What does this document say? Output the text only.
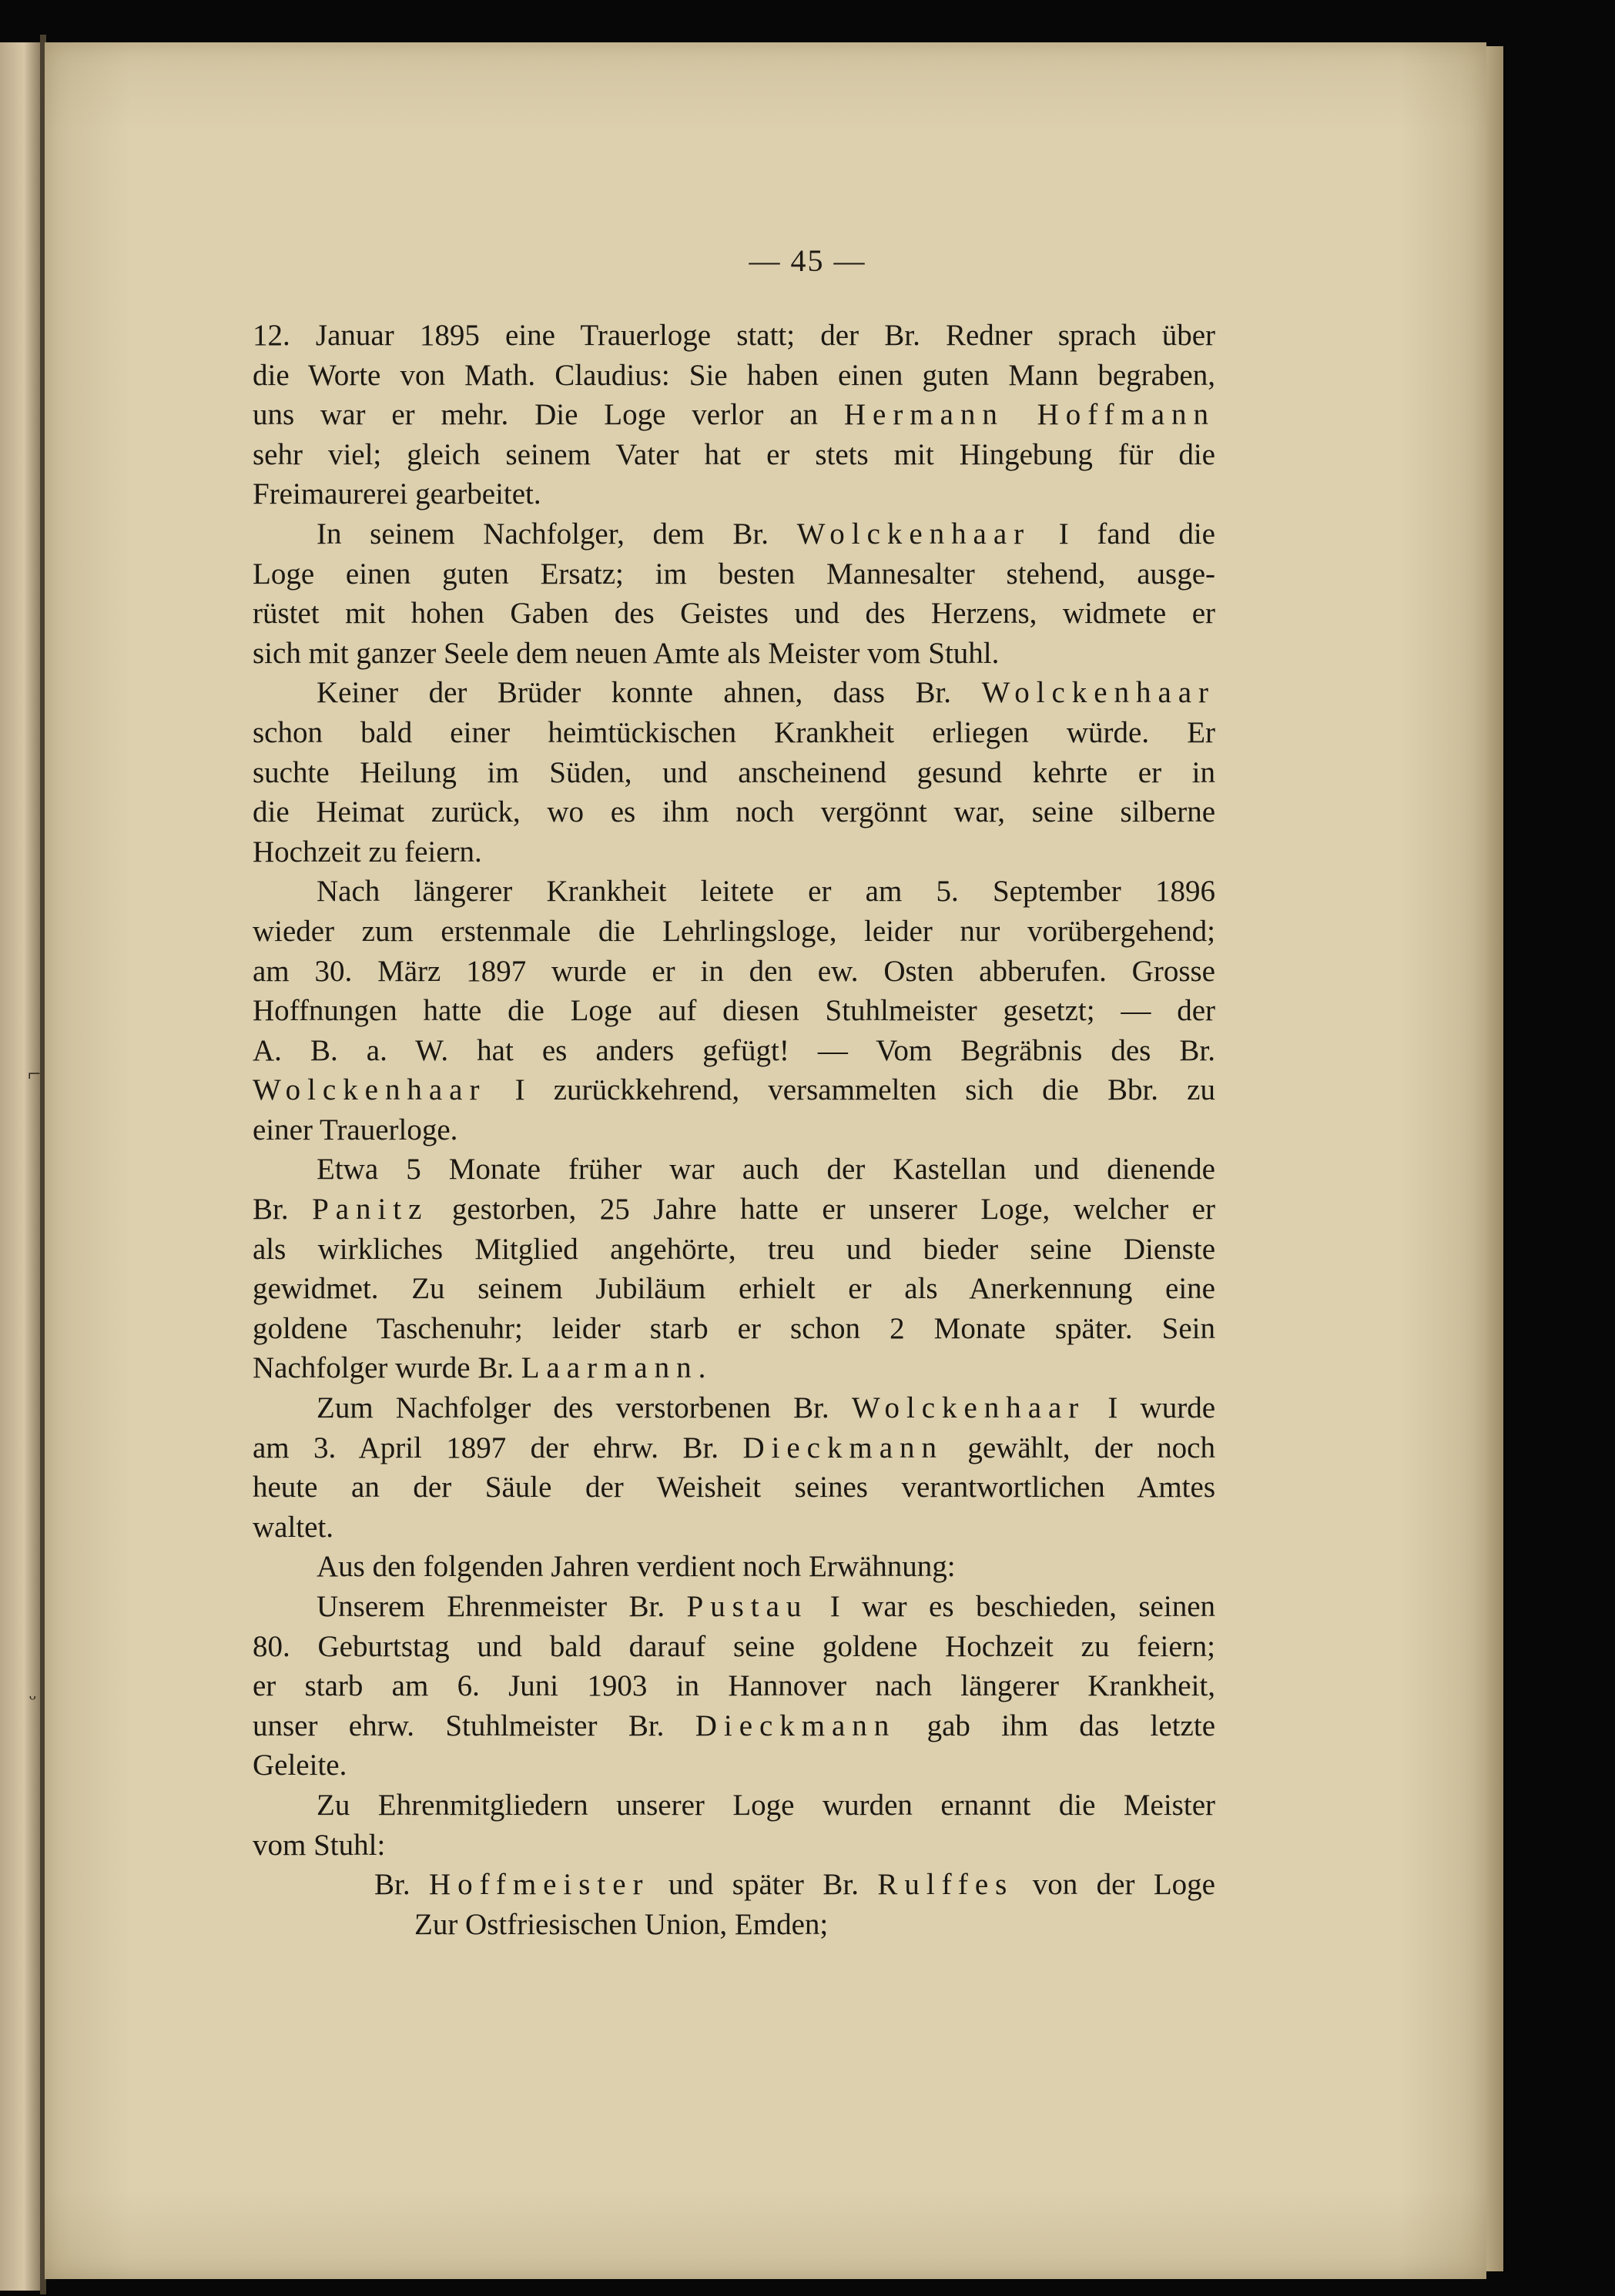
⌐
ᵕ
— 45 —
12. Januar 1895 eine Trauerloge statt; der Br. Redner sprach über
die Worte von Math. Claudius: Sie haben einen guten Mann begraben,
uns war er mehr. Die Loge verlor an Hermann Hoffmann
sehr viel; gleich seinem Vater hat er stets mit Hingebung für die
Freimaurerei gearbeitet.
In seinem Nachfolger, dem Br. Wolckenhaar I fand die
Loge einen guten Ersatz; im besten Mannesalter stehend, ausge-
rüstet mit hohen Gaben des Geistes und des Herzens, widmete er
sich mit ganzer Seele dem neuen Amte als Meister vom Stuhl.
Keiner der Brüder konnte ahnen, dass Br. Wolckenhaar
schon bald einer heimtückischen Krankheit erliegen würde. Er
suchte Heilung im Süden, und anscheinend gesund kehrte er in
die Heimat zurück, wo es ihm noch vergönnt war, seine silberne
Hochzeit zu feiern.
Nach längerer Krankheit leitete er am 5. September 1896
wieder zum erstenmale die Lehrlingsloge, leider nur vorübergehend;
am 30. März 1897 wurde er in den ew. Osten abberufen. Grosse
Hoffnungen hatte die Loge auf diesen Stuhlmeister gesetzt; — der
A. B. a. W. hat es anders gefügt! — Vom Begräbnis des Br.
Wolckenhaar I zurückkehrend, versammelten sich die Bbr. zu
einer Trauerloge.
Etwa 5 Monate früher war auch der Kastellan und dienende
Br. Panitz gestorben, 25 Jahre hatte er unserer Loge, welcher er
als wirkliches Mitglied angehörte, treu und bieder seine Dienste
gewidmet. Zu seinem Jubiläum erhielt er als Anerkennung eine
goldene Taschenuhr; leider starb er schon 2 Monate später. Sein
Nachfolger wurde Br. Laarmann.
Zum Nachfolger des verstorbenen Br. Wolckenhaar I wurde
am 3. April 1897 der ehrw. Br. Dieckmann gewählt, der noch
heute an der Säule der Weisheit seines verantwortlichen Amtes
waltet.
Aus den folgenden Jahren verdient noch Erwähnung:
Unserem Ehrenmeister Br. Pustau I war es beschieden, seinen
80. Geburtstag und bald darauf seine goldene Hochzeit zu feiern;
er starb am 6. Juni 1903 in Hannover nach längerer Krankheit,
unser ehrw. Stuhlmeister Br. Dieckmann gab ihm das letzte
Geleite.
Zu Ehrenmitgliedern unserer Loge wurden ernannt die Meister
vom Stuhl:
Br. Hoffmeister und später Br. Rulffes von der Loge
Zur Ostfriesischen Union, Emden;
